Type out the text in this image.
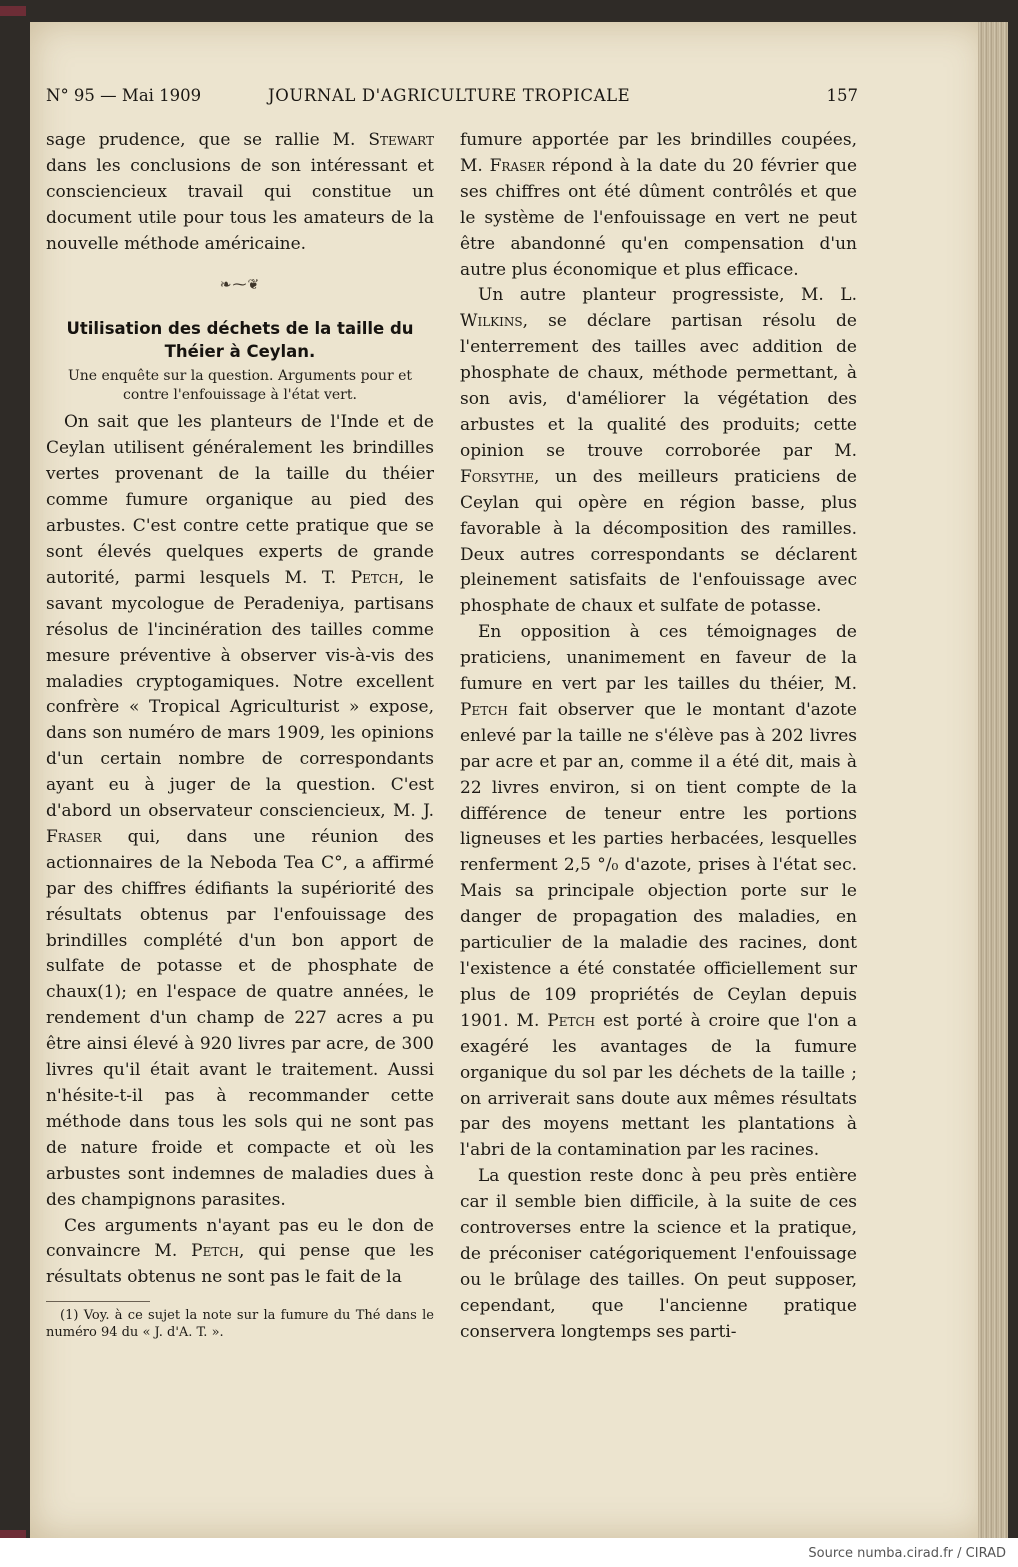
N° 95 — Mai 1909	JOURNAL D'AGRICULTURE TROPICALE	157

sage prudence, que se rallie M. Stewart dans les conclusions de son intéressant et consciencieux travail qui constitue un document utile pour tous les amateurs de la nouvelle méthode américaine.

❧⁓❦
Utilisation des déchets de la taille du Théier à Ceylan.
Une enquête sur la question. Arguments pour et contre l'enfouissage à l'état vert.

On sait que les planteurs de l'Inde et de Ceylan utilisent généralement les brindilles vertes provenant de la taille du théier comme fumure organique au pied des arbustes. C'est contre cette pratique que se sont élevés quelques experts de grande autorité, parmi lesquels M. T. Petch, le savant mycologue de Peradeniya, partisans résolus de l'incinération des tailles comme mesure préventive à observer vis-à-vis des maladies cryptogamiques. Notre excellent confrère « Tropical Agriculturist » expose, dans son numéro de mars 1909, les opinions d'un certain nombre de correspondants ayant eu à juger de la question. C'est d'abord un observateur consciencieux, M. J. Fraser qui, dans une réunion des actionnaires de la Neboda Tea C°, a affirmé par des chiffres édifiants la supériorité des résultats obtenus par l'enfouissage des brindilles complété d'un bon apport de sulfate de potasse et de phosphate de chaux(1); en l'espace de quatre années, le rendement d'un champ de 227 acres a pu être ainsi élevé à 920 livres par acre, de 300 livres qu'il était avant le traitement. Aussi n'hésite-t-il pas à recommander cette méthode dans tous les sols qui ne sont pas de nature froide et compacte et où les arbustes sont indemnes de maladies dues à des champignons parasites.

Ces arguments n'ayant pas eu le don de convaincre M. Petch, qui pense que les résultats obtenus ne sont pas le fait de la

(1) Voy. à ce sujet la note sur la fumure du Thé dans le numéro 94 du « J. d'A. T. ».

fumure apportée par les brindilles coupées, M. Fraser répond à la date du 20 février que ses chiffres ont été dûment contrôlés et que le système de l'enfouissage en vert ne peut être abandonné qu'en compensation d'un autre plus économique et plus efficace.

Un autre planteur progressiste, M. L. Wilkins, se déclare partisan résolu de l'enterrement des tailles avec addition de phosphate de chaux, méthode permettant, à son avis, d'améliorer la végétation des arbustes et la qualité des produits; cette opinion se trouve corroborée par M. Forsythe, un des meilleurs praticiens de Ceylan qui opère en région basse, plus favorable à la décomposition des ramilles. Deux autres correspondants se déclarent pleinement satisfaits de l'enfouissage avec phosphate de chaux et sulfate de potasse.

En opposition à ces témoignages de praticiens, unanimement en faveur de la fumure en vert par les tailles du théier, M. Petch fait observer que le montant d'azote enlevé par la taille ne s'élève pas à 202 livres par acre et par an, comme il a été dit, mais à 22 livres environ, si on tient compte de la différence de teneur entre les portions ligneuses et les parties herbacées, lesquelles renferment 2,5 °/₀ d'azote, prises à l'état sec. Mais sa principale objection porte sur le danger de propagation des maladies, en particulier de la maladie des racines, dont l'existence a été constatée officiellement sur plus de 109 propriétés de Ceylan depuis 1901. M. Petch est porté à croire que l'on a exagéré les avantages de la fumure organique du sol par les déchets de la taille ; on arriverait sans doute aux mêmes résultats par des moyens mettant les plantations à l'abri de la contamination par les racines.

La question reste donc à peu près entière car il semble bien difficile, à la suite de ces controverses entre la science et la pratique, de préconiser catégoriquement l'enfouissage ou le brûlage des tailles. On peut supposer, cependant, que l'ancienne pratique conservera longtemps ses parti-

Source numba.cirad.fr / CIRAD
